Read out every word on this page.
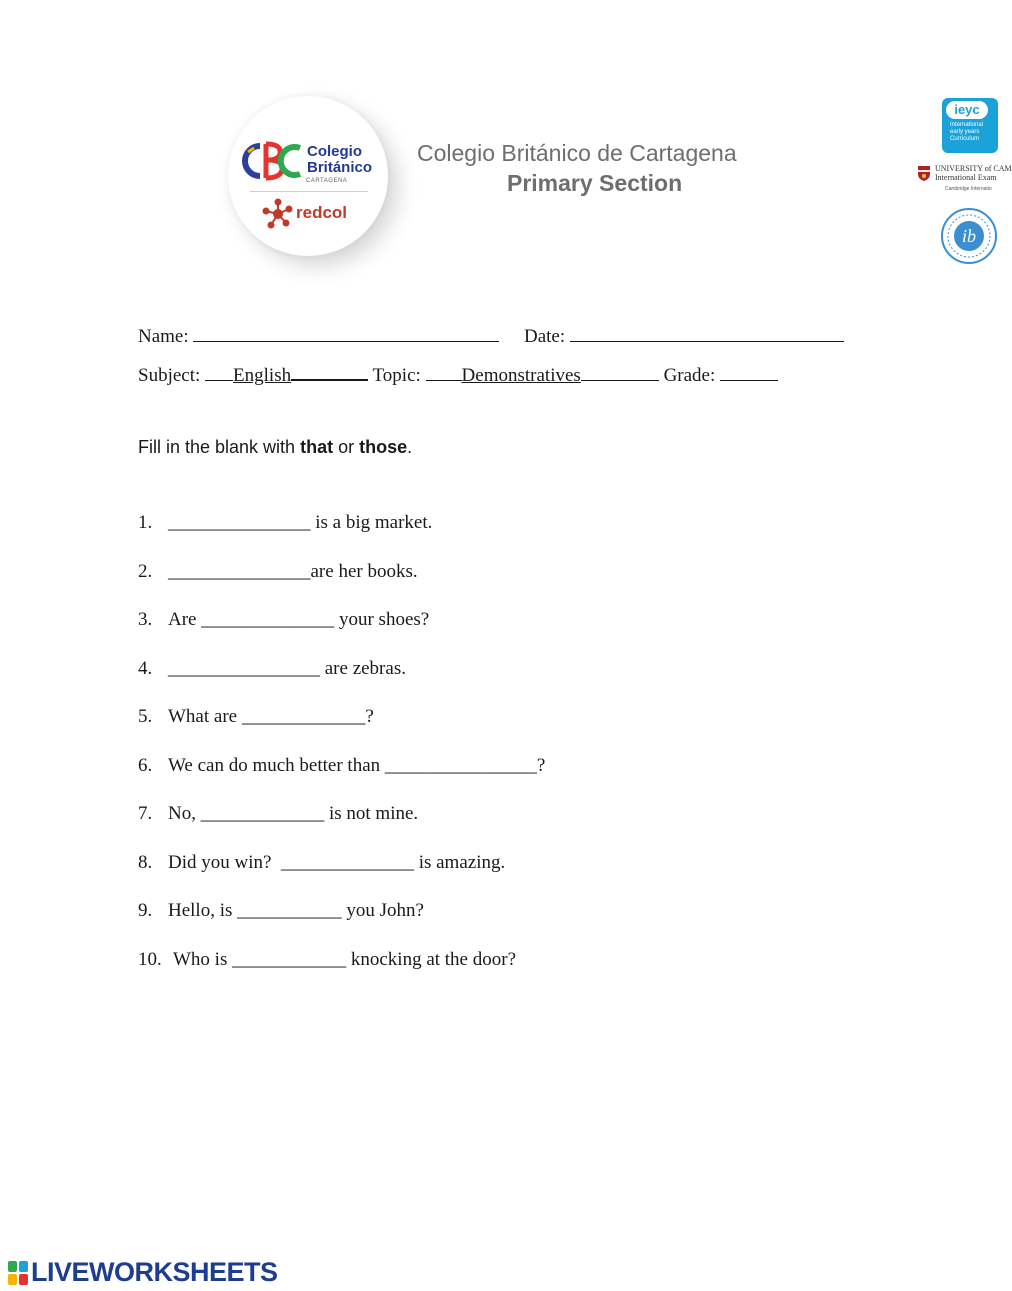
Colegio
Británico
CARTAGENA
redcol
Colegio Británico de Cartagena
Primary Section
ieyc
International
early years
Curriculum
UNIVERSITY of CAM
International Exam
Cambridge Internatio
ib
Name:	Date:
Subject: English	Topic: Demonstratives	Grade:
Fill in the blank with that or those.
1. _______________ is a big market.
2. _______________are her books.
3. Are ______________ your shoes?
4. ________________ are zebras.
5. What are _____________?
6. We can do much better than ________________?
7. No, _____________ is not mine.
8. Did you win?  ______________ is amazing.
9. Hello, is ___________ you John?
10. Who is ____________ knocking at the door?
LIVEWORKSHEETS
